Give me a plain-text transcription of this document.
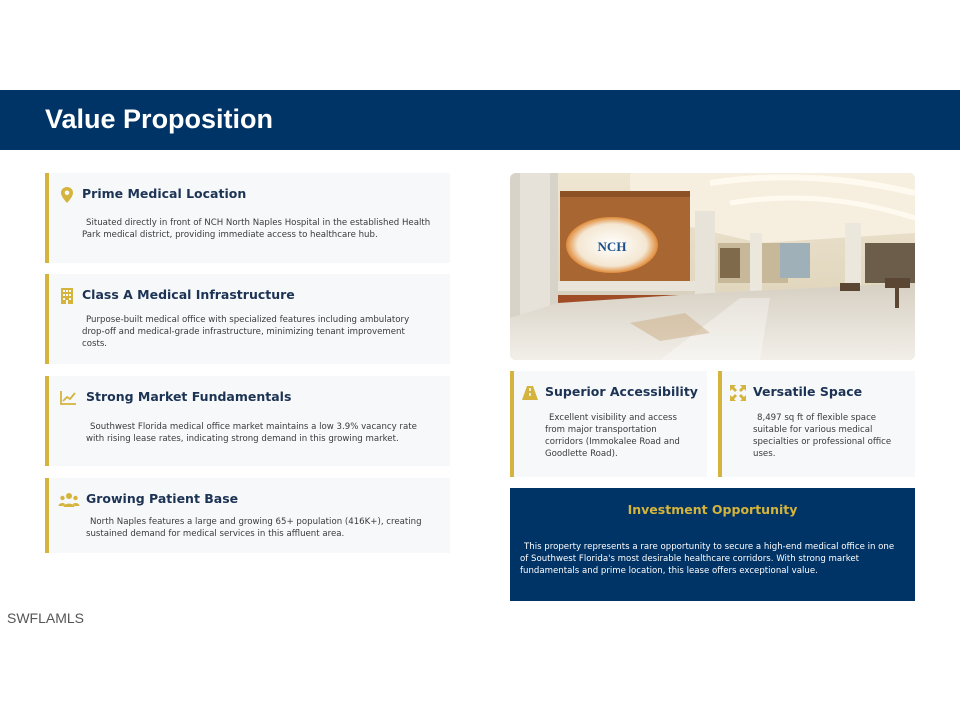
Value Proposition
Prime Medical Location
Situated directly in front of NCH North Naples Hospital in the established Health Park medical district, providing immediate access to healthcare hub.
Class A Medical Infrastructure
Purpose-built medical office with specialized features including ambulatory drop-off and medical-grade infrastructure, minimizing tenant improvement costs.
Strong Market Fundamentals
Southwest Florida medical office market maintains a low 3.9% vacancy rate with rising lease rates, indicating strong demand in this growing market.
Growing Patient Base
North Naples features a large and growing 65+ population (416K+), creating sustained demand for medical services in this affluent area.
NCH
Superior Accessibility
Excellent visibility and access from major transportation corridors (Immokalee Road and Goodlette Road).
Versatile Space
8,497 sq ft of flexible space suitable for various medical specialties or professional office uses.
Investment Opportunity
This property represents a rare opportunity to secure a high-end medical office in one of Southwest Florida's most desirable healthcare corridors. With strong market fundamentals and prime location, this lease offers exceptional value.
SWFLAMLS
